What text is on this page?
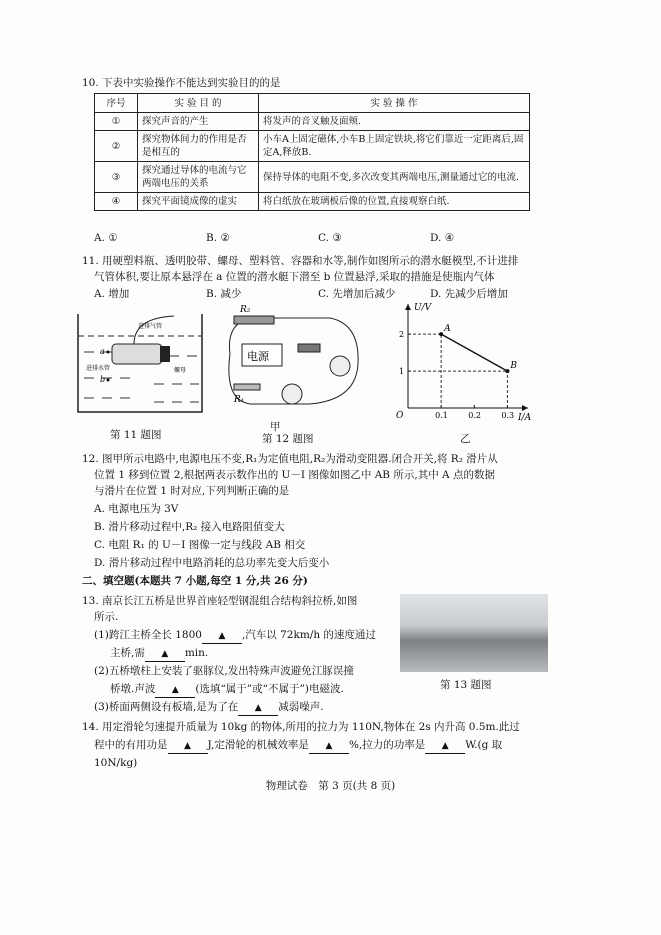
10. 下表中实验操作不能达到实验目的的是
序号	实 验 目 的	实 验 操 作
①	探究声音的产生	将发声的音叉触及面颊.
②	探究物体间力的作用是否是相互的	小车A上固定磁体,小车B上固定铁块,将它们靠近一定距离后,固定A,释放B.
③	探究通过导体的电流与它两端电压的关系	保持导体的电阻不变,多次改变其两端电压,测量通过它的电流.
④	探究平面镜成像的虚实	将白纸放在玻璃板后像的位置,直接观察白纸.
A. ①	B. ②	C. ③	D. ④
11. 用硬塑料瓶、透明胶带、螺母、塑料管、容器和水等,制作如图所示的潜水艇模型,不计进排
气管体积,要让原本悬浮在 a 位置的潜水艇下潜至 b 位置悬浮,采取的措施是使瓶内气体
A. 增加	B. 减少	C. 先增加后减少	D. 先减少后增加
进排气管
进排水管	螺母
a
b
第 11 题图
电源
R₂
R₁
甲
第 12 题图
O
U/V
I/A
0.1	0.2	0.3
1
2
A
B
乙
12. 图甲所示电路中,电源电压不变,R₁为定值电阻,R₂为滑动变阻器.闭合开关,将 R₂ 滑片从
位置 1 移到位置 2,根据两表示数作出的 U－I 图像如图乙中 AB 所示,其中 A 点的数据
与滑片在位置 1 时对应,下列判断正确的是
A. 电源电压为 3V
B. 滑片移动过程中,R₂ 接入电路阻值变大
C. 电阻 R₁ 的 U－I 图像一定与线段 AB 相交
D. 滑片移动过程中电路消耗的总功率先变大后变小
二、填空题(本题共 7 小题,每空 1 分,共 26 分)
13. 南京长江五桥是世界首座轻型钢混组合结构斜拉桥,如图
所示.
(1)跨江主桥全长 1800 ▲ ,汽车以 72km/h 的速度通过
主桥,需 ▲ min.
(2)五桥墩柱上安装了驱豚仪,发出特殊声波避免江豚误撞
桥墩.声波 ▲ (选填“属于”或“不属于”)电磁波.
(3)桥面两侧设有板墙,是为了在 ▲ 减弱噪声.
第 13 题图
14. 用定滑轮匀速提升质量为 10kg 的物体,所用的拉力为 110N,物体在 2s 内升高 0.5m.此过
程中的有用功是 ▲ J,定滑轮的机械效率是 ▲ %,拉力的功率是 ▲ W.(g 取
10N/kg)
物理试卷　第 3 页(共 8 页)
